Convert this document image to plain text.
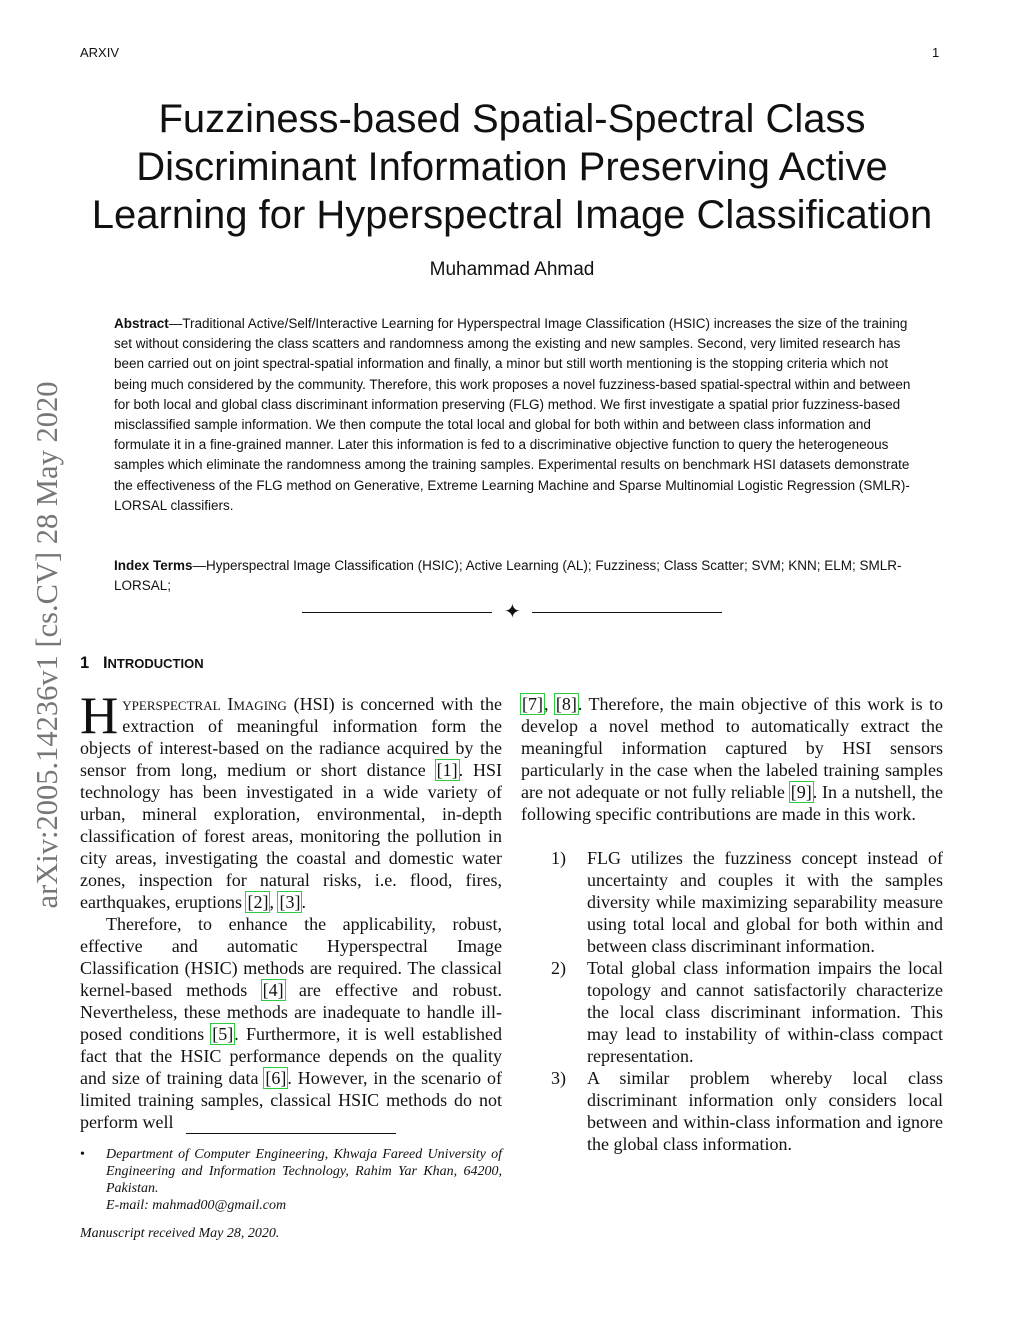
ARXIV	1
arXiv:2005.14236v1 [cs.CV] 28 May 2020
Fuzziness-based Spatial-Spectral Class Discriminant Information Preserving Active Learning for Hyperspectral Image Classification
Muhammad Ahmad

Abstract—Traditional Active/Self/Interactive Learning for Hyperspectral Image Classification (HSIC) increases the size of the training set without considering the class scatters and randomness among the existing and new samples. Second, very limited research has been carried out on joint spectral-spatial information and finally, a minor but still worth mentioning is the stopping criteria which not being much considered by the community. Therefore, this work proposes a novel fuzziness-based spatial-spectral within and between for both local and global class discriminant information preserving (FLG) method. We first investigate a spatial prior fuzziness-based misclassified sample information. We then compute the total local and global for both within and between class information and formulate it in a fine-grained manner. Later this information is fed to a discriminative objective function to query the heterogeneous samples which eliminate the randomness among the training samples. Experimental results on benchmark HSI datasets demonstrate the effectiveness of the FLG method on Generative, Extreme Learning Machine and Sparse Multinomial Logistic Regression (SMLR)-LORSAL classifiers.

Index Terms—Hyperspectral Image Classification (HSIC); Active Learning (AL); Fuzziness; Class Scatter; SVM; KNN; ELM; SMLR-LORSAL;

✦
1 INTRODUCTION

Hyperspectral Imaging (HSI) is concerned with the extraction of meaningful information form the objects of interest-based on the radiance acquired by the sensor from long, medium or short distance [1]. HSI technology has been investigated in a wide variety of urban, mineral exploration, environmental, in-depth classification of forest areas, monitoring the pollution in city areas, investigating the coastal and domestic water zones, inspection for natural risks, i.e. flood, fires, earthquakes, eruptions [2], [3].

Therefore, to enhance the applicability, robust, effective and automatic Hyperspectral Image Classification (HSIC) methods are required. The classical kernel-based methods [4] are effective and robust. Nevertheless, these methods are inadequate to handle ill-posed conditions [5]. Furthermore, it is well established fact that the HSIC performance depends on the quality and size of training data [6]. However, in the scenario of limited training samples, classical HSIC methods do not perform well

[7], [8]. Therefore, the main objective of this work is to develop a novel method to automatically extract the meaningful information captured by HSI sensors particularly in the case when the labeled training samples are not adequate or not fully reliable [9]. In a nutshell, the following specific contributions are made in this work.

1) FLG utilizes the fuzziness concept instead of uncertainty and couples it with the samples diversity while maximizing separability measure using total local and global for both within and between class discriminant information.
2) Total global class information impairs the local topology and cannot satisfactorily characterize the local class discriminant information. This may lead to instability of within-class compact representation.
3) A similar problem whereby local class discriminant information only considers local between and within-class information and ignore the global class information.
• Department of Computer Engineering, Khwaja Fareed University of Engineering and Information Technology, Rahim Yar Khan, 64200, Pakistan.
E-mail: mahmad00@gmail.com
Manuscript received May 28, 2020.
